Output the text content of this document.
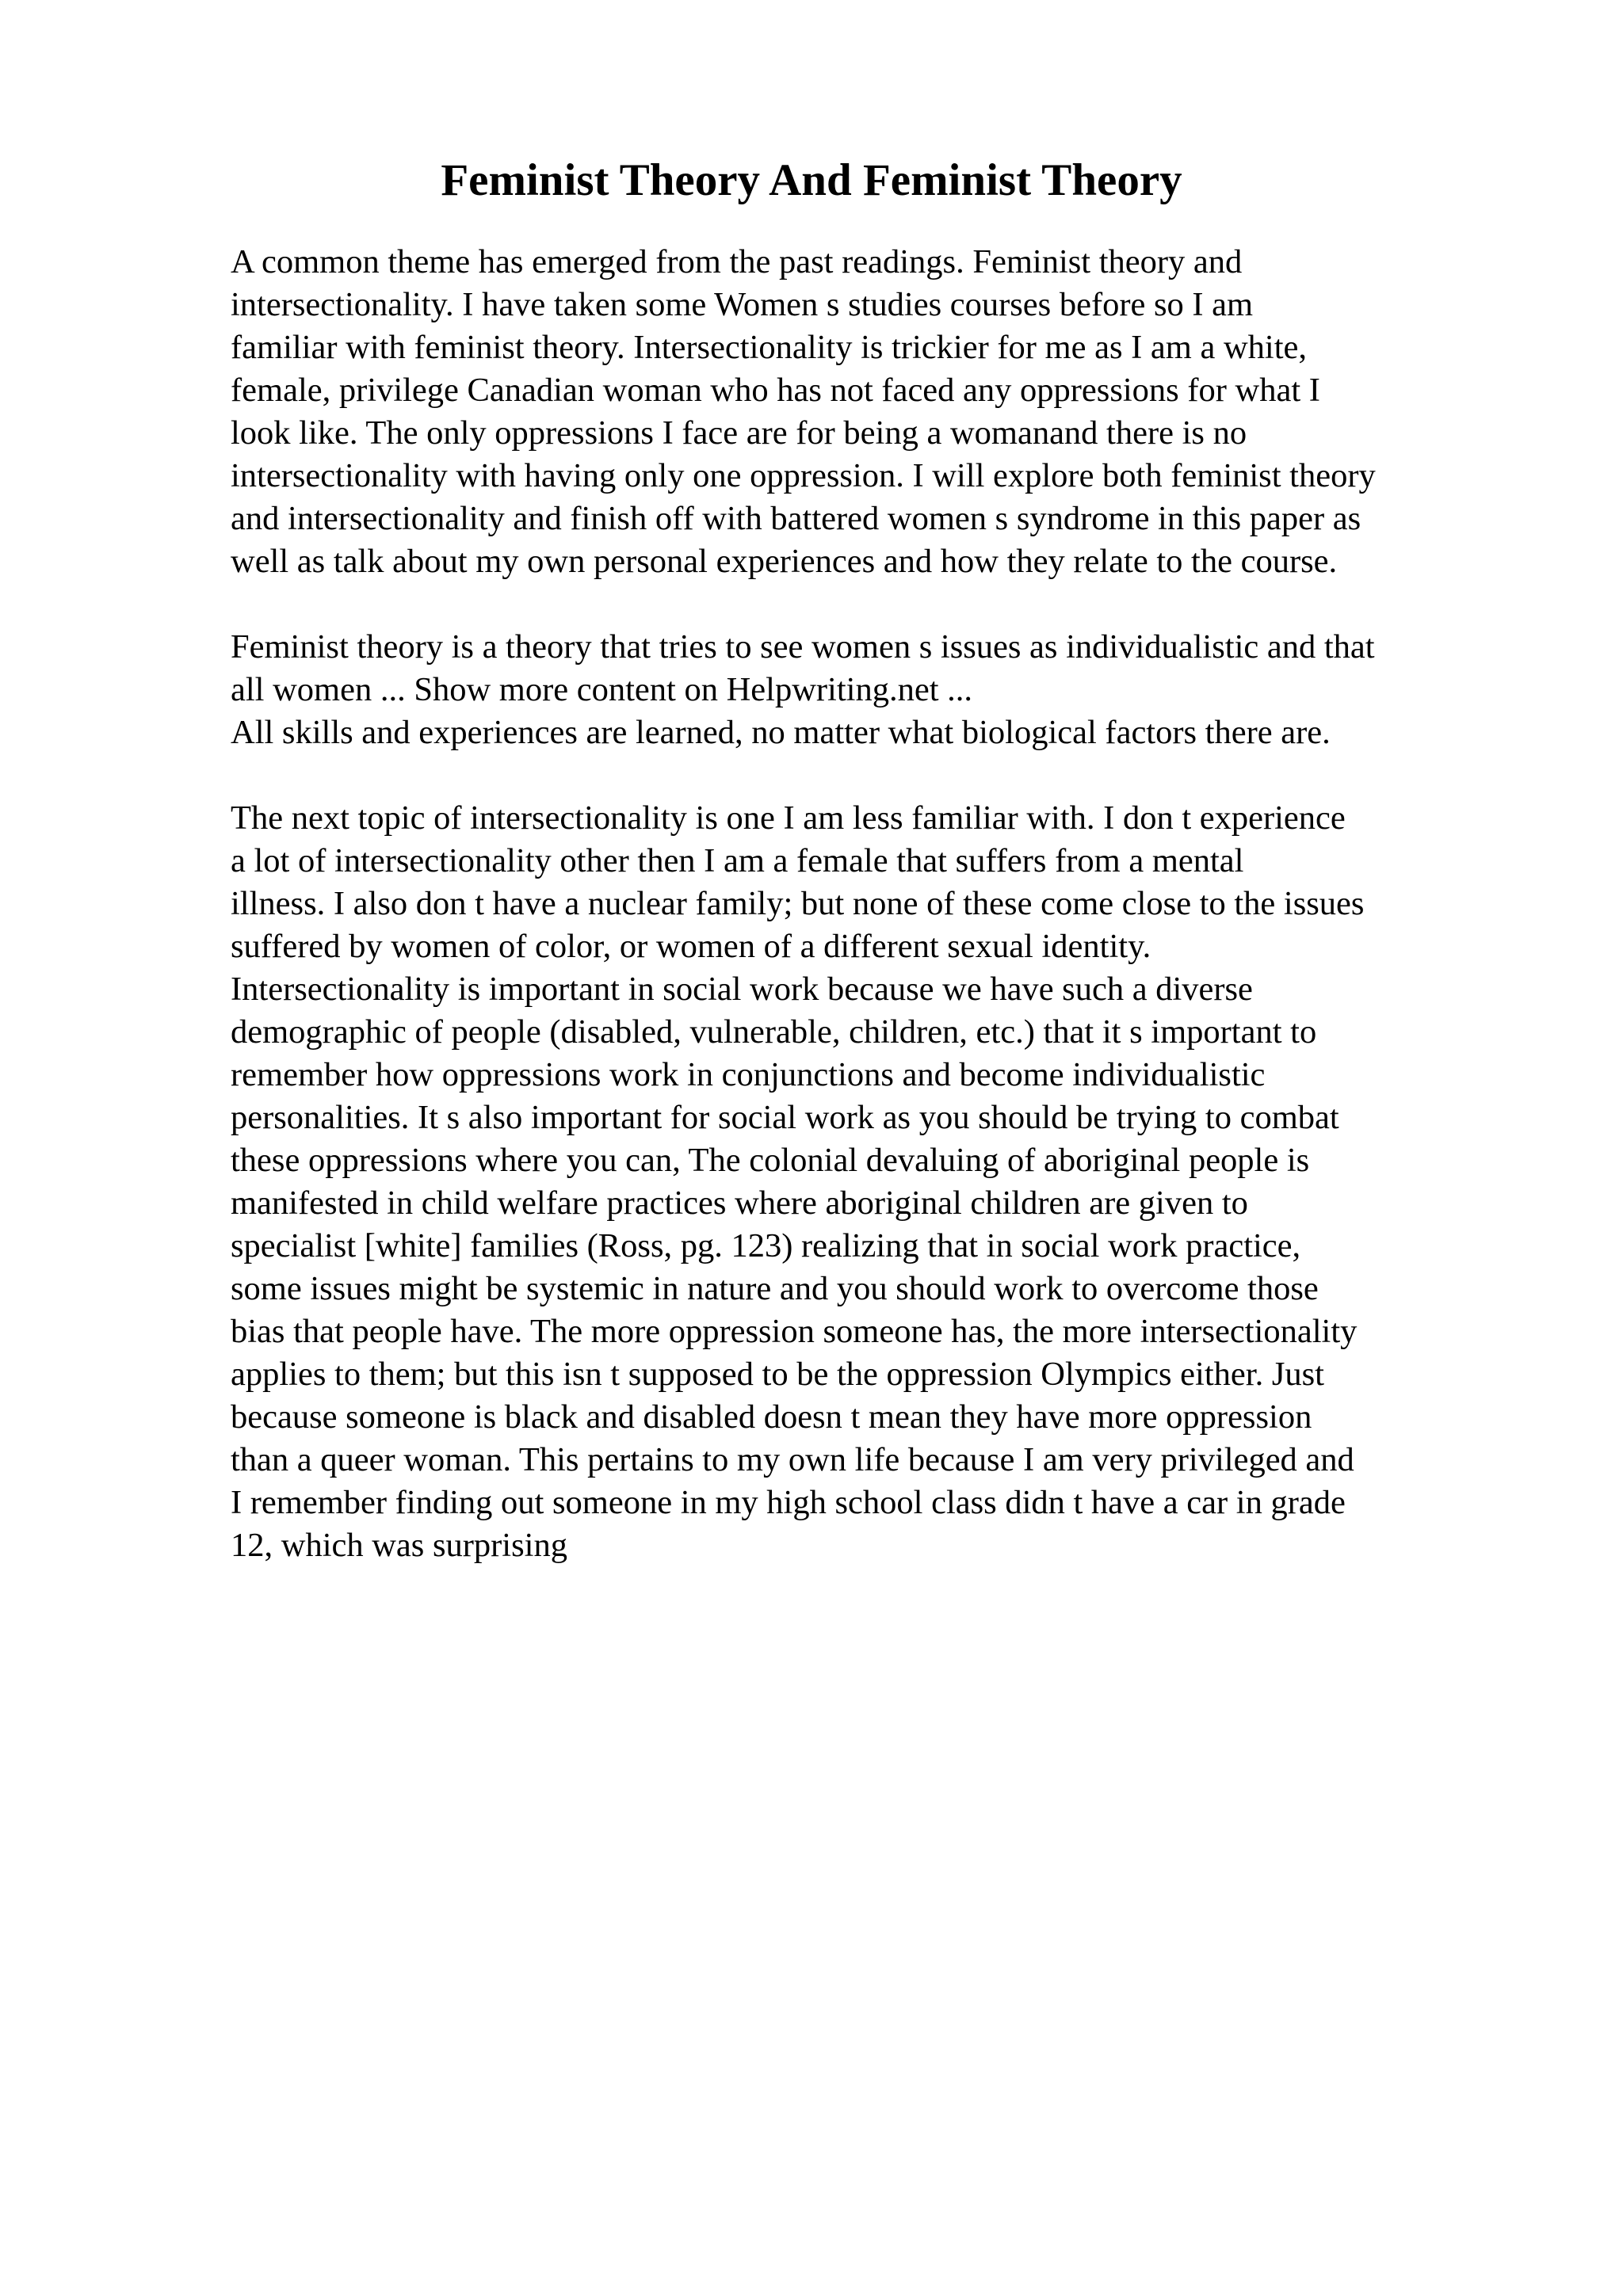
Feminist Theory And Feminist Theory
A common theme has emerged from the past readings. Feminist theory and
intersectionality. I have taken some Women s studies courses before so I am
familiar with feminist theory. Intersectionality is trickier for me as I am a white,
female, privilege Canadian woman who has not faced any oppressions for what I
look like. The only oppressions I face are for being a womanand there is no
intersectionality with having only one oppression. I will explore both feminist theory
and intersectionality and finish off with battered women s syndrome in this paper as
well as talk about my own personal experiences and how they relate to the course.
Feminist theory is a theory that tries to see women s issues as individualistic and that
all women ... Show more content on Helpwriting.net ...
All skills and experiences are learned, no matter what biological factors there are.
The next topic of intersectionality is one I am less familiar with. I don t experience
a lot of intersectionality other then I am a female that suffers from a mental
illness. I also don t have a nuclear family; but none of these come close to the issues
suffered by women of color, or women of a different sexual identity.
Intersectionality is important in social work because we have such a diverse
demographic of people (disabled, vulnerable, children, etc.) that it s important to
remember how oppressions work in conjunctions and become individualistic
personalities. It s also important for social work as you should be trying to combat
these oppressions where you can, The colonial devaluing of aboriginal people is
manifested in child welfare practices where aboriginal children are given to
specialist [white] families (Ross, pg. 123) realizing that in social work practice,
some issues might be systemic in nature and you should work to overcome those
bias that people have. The more oppression someone has, the more intersectionality
applies to them; but this isn t supposed to be the oppression Olympics either. Just
because someone is black and disabled doesn t mean they have more oppression
than a queer woman. This pertains to my own life because I am very privileged and
I remember finding out someone in my high school class didn t have a car in grade
12, which was surprising
